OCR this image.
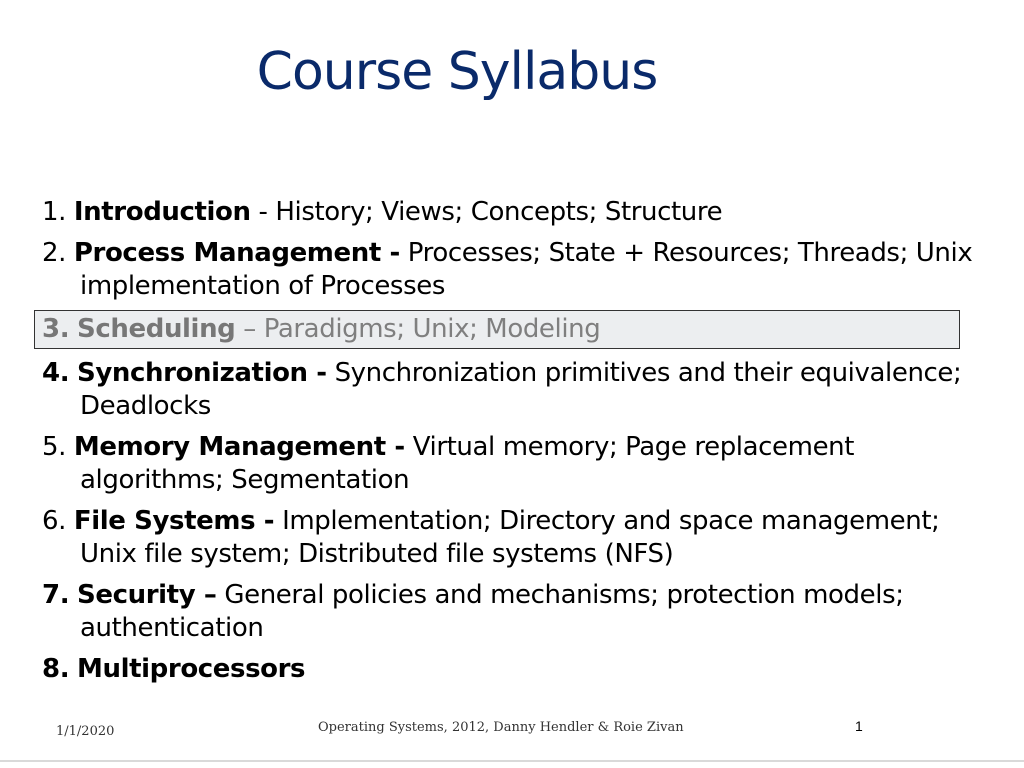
Course Syllabus
1. Introduction - History; Views; Concepts; Structure
2. Process Management - Processes; State + Resources; Threads; Unix implementation of Processes
3. Scheduling – Paradigms; Unix; Modeling
4. Synchronization - Synchronization primitives and their equivalence; Deadlocks
5. Memory Management - Virtual memory; Page replacement algorithms; Segmentation
6. File Systems - Implementation; Directory and space management; Unix file system; Distributed file systems (NFS)
7. Security – General policies and mechanisms; protection models; authentication
8. Multiprocessors
1/1/2020	Operating Systems, 2012, Danny Hendler & Roie Zivan	1
